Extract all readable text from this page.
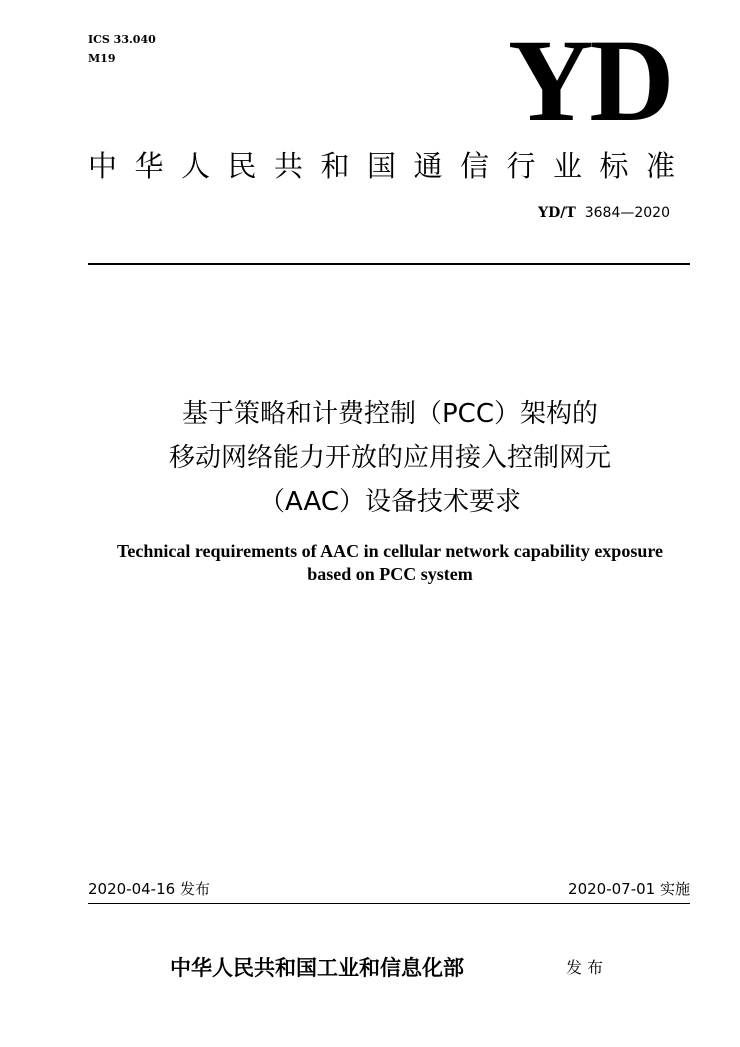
ICS 33.040
M19	YD
中华人民共和国通信行业标准
YD/T 3684—2020
基于策略和计费控制（PCC）架构的
移动网络能力开放的应用接入控制网元
（AAC）设备技术要求
Technical requirements of AAC in cellular network capability exposure
based on PCC system
2020-04-16 发布	2020-07-01 实施
中华人民共和国工业和信息化部	发布
